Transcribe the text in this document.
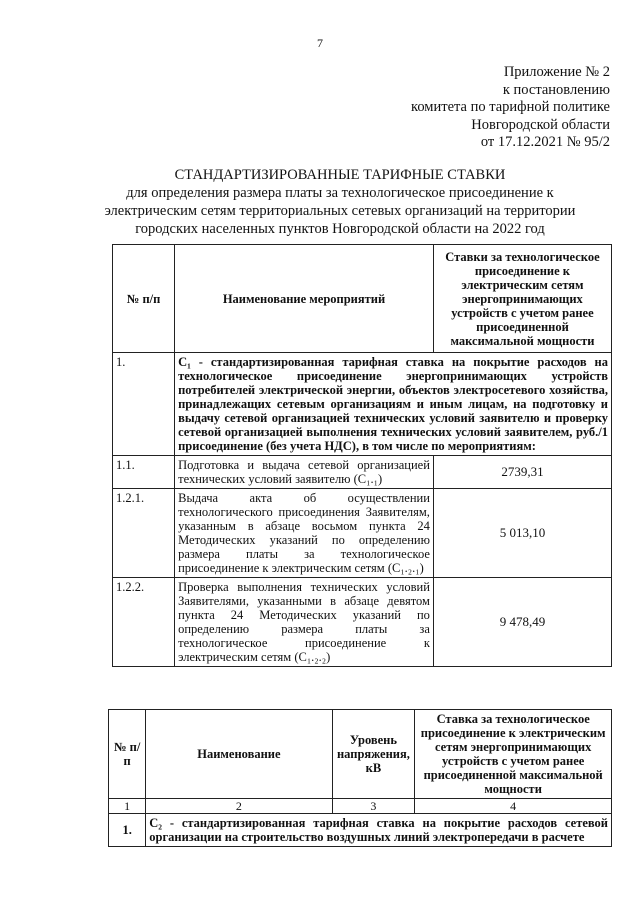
7
Приложение № 2
к постановлению
комитета по тарифной политике
Новгородской области
от 17.12.2021 № 95/2
СТАНДАРТИЗИРОВАННЫЕ ТАРИФНЫЕ СТАВКИ
для определения размера платы за технологическое присоединение к
электрическим сетям территориальных сетевых организаций на территории
городских населенных пунктов Новгородской области на 2022 год
№ п/п	Наименование мероприятий	Ставки за технологическое присоединение к электрическим сетям энергопринимающих устройств с учетом ранее присоединенной максимальной мощности
1.	C₁ - стандартизированная тарифная ставка на покрытие расходов на технологическое присоединение энергопринимающих устройств потребителей электрической энергии, объектов электросетевого хозяйства, принадлежащих сетевым организациям и иным лицам, на подготовку и выдачу сетевой организацией технических условий заявителю и проверку сетевой организацией выполнения технических условий заявителем, руб./1 присоединение (без учета НДС), в том числе по мероприятиям:	
1.1.	Подготовка и выдача сетевой организацией технических условий заявителю (C₁.₁)	2739,31
1.2.1.	Выдача акта об осуществлении технологического присоединения Заявителям, указанным в абзаце восьмом пункта 24 Методических указаний по определению размера платы за технологическое присоединение к электрическим сетям (C₁.₂.₁)	5 013,10
1.2.2.	Проверка выполнения технических условий Заявителями, указанными в абзаце девятом пункта 24 Методических указаний по определению размера платы за технологическое присоединение к электрическим сетям (C₁.₂.₂)	9 478,49
№ п/п	Наименование	Уровень напряжения, кВ	Ставка за технологическое присоединение к электрическим сетям энергопринимающих устройств с учетом ранее присоединенной максимальной мощности
1	2	3	4
1.	C₂ - стандартизированная тарифная ставка на покрытие расходов сетевой организации на строительство воздушных линий электропередачи в расчете		
